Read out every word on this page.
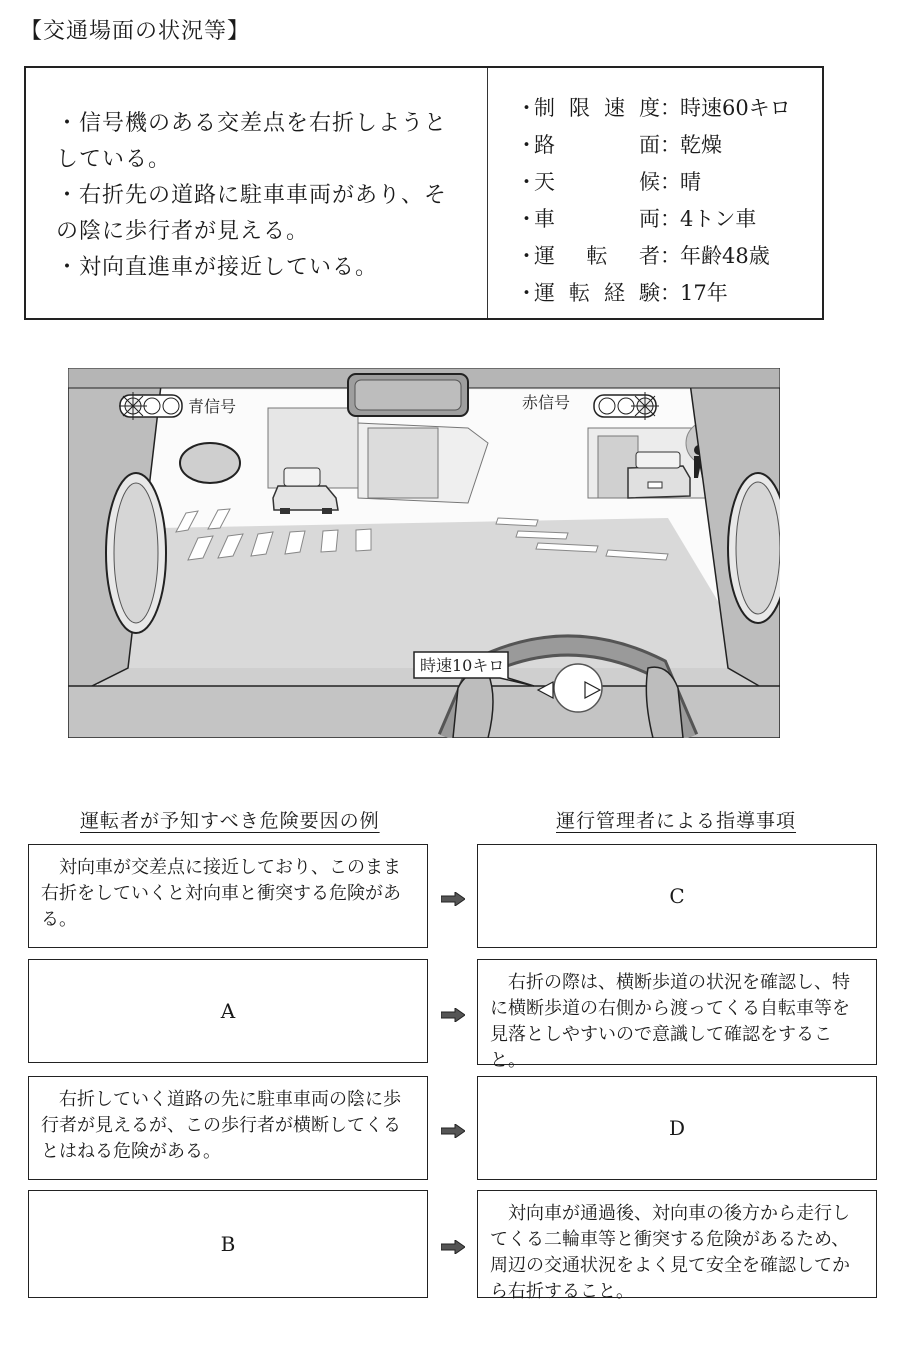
【交通場面の状況等】
・信号機のある交差点を右折しようと
している。
・右折先の道路に駐車車両があり、そ
の陰に歩行者が見える。
・対向直進車が接近している。
・
制限速度 ： 時速60キロ
・
路　面 ： 乾燥
・
天　候 ： 晴
・
車　両 ： 4トン車
・
運 転 者 ： 年齢48歳
・
運転経験 ： 17年
青信号	赤信号
時速10キロ
運転者が予知すべき危険要因の例	運行管理者による指導事項
対向車が交差点に接近しており、このまま右折をしていくと対向車と衝突する危険がある。
C
A
右折の際は、横断歩道の状況を確認し、特に横断歩道の右側から渡ってくる自転車等を見落としやすいので意識して確認をすること。
右折していく道路の先に駐車車両の陰に歩行者が見えるが、この歩行者が横断してくるとはねる危険がある。
D
B
対向車が通過後、対向車の後方から走行してくる二輪車等と衝突する危険があるため、周辺の交通状況をよく見て安全を確認してから右折すること。
